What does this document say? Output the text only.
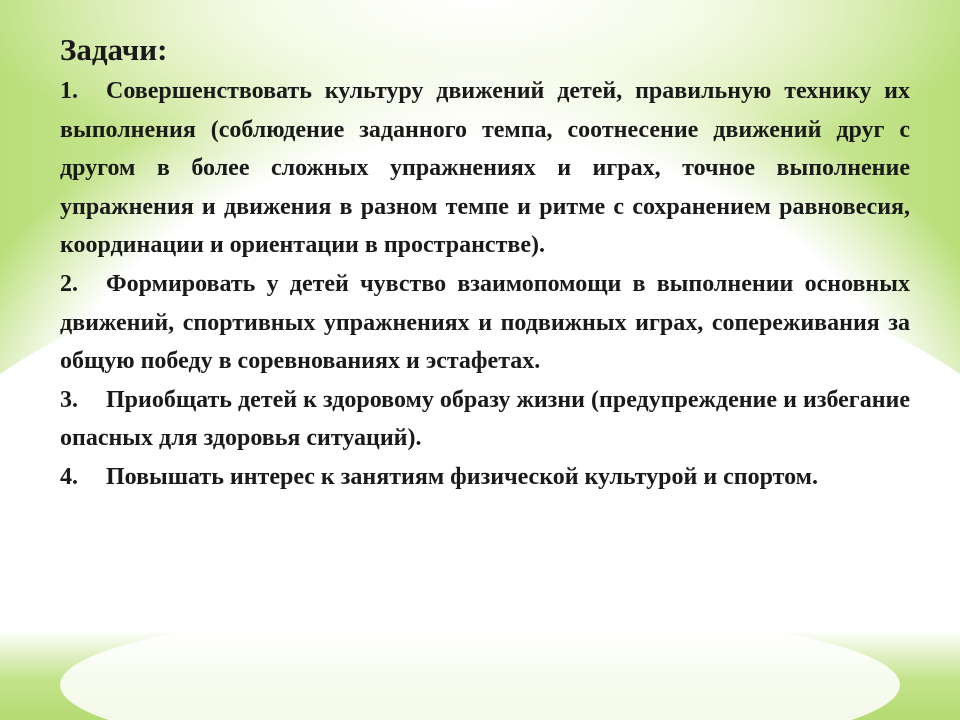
Задачи:
1.	Совершенствовать культуру движений детей, правильную технику их выполнения (соблюдение заданного темпа, соотнесение движений друг с другом в более сложных упражнениях и играх, точное выполнение упражнения и движения в разном темпе и ритме с сохранением равновесия, координации и ориентации в пространстве).
2.	Формировать у детей чувство взаимопомощи в выполнении основных движений, спортивных упражнениях и подвижных играх, сопереживания за общую победу в соревнованиях и эстафетах.
3.	Приобщать детей к здоровому образу жизни (предупреждение и избегание опасных для здоровья ситуаций).
4.	Повышать интерес к занятиям физической культурой и спортом.
